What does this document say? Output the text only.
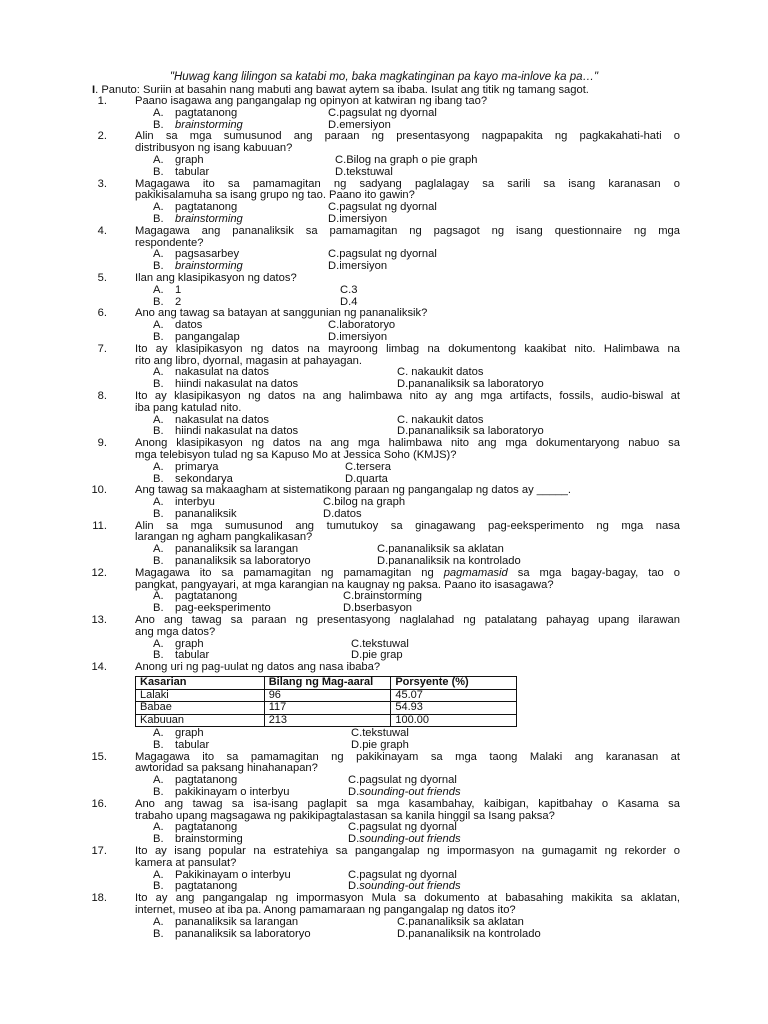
"Huwag kang lilingon sa katabi mo, baka magkatinginan pa kayo ma-inlove ka pa…"
I. Panuto: Suriin at basahin nang mabuti ang bawat aytem sa ibaba. Isulat ang titik ng tamang sagot.
1.	Paano isagawa ang pangangalap ng opinyon at katwiran ng ibang tao?
A. pagtatanong	C.pagsulat ng dyornal
B. brainstorming	D.emersiyon
2.	Alin sa mga sumusunod ang paraan ng presentasyong nagpapakita ng pagkakahati-hati o
distribusyon ng isang kabuuan?
A. graph	C.Bilog na graph o pie graph
B. tabular	D.tekstuwal
3.	Magagawa ito sa pamamagitan ng sadyang paglalagay sa sarili sa isang karanasan o
pakikisalamuha sa isang grupo ng tao. Paano ito gawin?
A. pagtatanong	C.pagsulat ng dyornal
B. brainstorming	D.imersiyon
4.	Magagawa ang pananaliksik sa pamamagitan ng pagsagot ng isang questionnaire ng mga
respondente?
A. pagsasarbey	C.pagsulat ng dyornal
B. brainstorming	D.imersiyon
5.	Ilan ang klasipikasyon ng datos?
A. 1	C.3
B. 2	D.4
6.	Ano ang tawag sa batayan at sanggunian ng pananaliksik?
A. datos	C.laboratoryo
B. pangangalap	D.imersiyon
7.	Ito ay klasipikasyon ng datos na mayroong limbag na dokumentong kaakibat nito. Halimbawa na
rito ang libro, dyornal, magasin at pahayagan.
A. nakasulat na datos	C. nakaukit datos
B. hiindi nakasulat na datos	D.pananaliksik sa laboratoryo
8.	Ito ay klasipikasyon ng datos na ang halimbawa nito ay ang mga artifacts, fossils, audio-biswal at
iba pang katulad nito.
A. nakasulat na datos	C. nakaukit datos
B. hiindi nakasulat na datos	D.pananaliksik sa laboratoryo
9.	Anong klasipikasyon ng datos na ang mga halimbawa nito ang mga dokumentaryong nabuo sa
mga telebisyon tulad ng sa Kapuso Mo at Jessica Soho (KMJS)?
A. primarya	C.tersera
B. sekondarya	D.quarta
10.	Ang tawag sa makaagham at sistematikong paraan ng pangangalap ng datos ay _____.
A. interbyu	C.bilog na graph
B. pananaliksik	D.datos
11.	Alin sa mga sumusunod ang tumutukoy sa ginagawang pag-eeksperimento ng mga nasa
larangan ng agham pangkalikasan?
A. pananaliksik sa larangan	C.pananaliksik sa aklatan
B. pananaliksik sa laboratoryo	D.pananaliksik na kontrolado
12.	Magagawa ito sa pamamagitan ng pamamagitan ng pagmamasid sa mga bagay-bagay, tao o
pangkat, pangyayari, at mga karangian na kaugnay ng paksa. Paano ito isasagawa?
A. pagtatanong	C.brainstorming
B. pag-eeksperimento	D.bserbasyon
13.	Ano ang tawag sa paraan ng presentasyong naglalahad ng patalatang pahayag upang ilarawan
ang mga datos?
A. graph	C.tekstuwal
B. tabular	D.pie grap
14.	Anong uri ng pag-uulat ng datos ang nasa ibaba?
Kasarian	Bilang ng Mag-aaral	Porsyente (%)
Lalaki	96	45.07
Babae	117	54.93
Kabuuan	213	100.00
A. graph	C.tekstuwal
B. tabular	D.pie graph
15.	Magagawa ito sa pamamagitan ng pakikinayam sa mga taong Malaki ang karanasan at
awtoridad sa paksang hinahanapan?
A. pagtatanong	C.pagsulat ng dyornal
B. pakikinayam o interbyu	D.sounding-out friends
16.	Ano ang tawag sa isa-isang paglapit sa mga kasambahay, kaibigan, kapitbahay o Kasama sa
trabaho upang magsagawa ng pakikipagtalastasan sa kanila hinggil sa Isang paksa?
A. pagtatanong	C.pagsulat ng dyornal
B. brainstorming	D.sounding-out friends
17.	Ito ay isang popular na estratehiya sa pangangalap ng impormasyon na gumagamit ng rekorder o
kamera at pansulat?
A. Pakikinayam o interbyu	C.pagsulat ng dyornal
B. pagtatanong	D.sounding-out friends
18.	Ito ay ang pangangalap ng impormasyon Mula sa dokumento at babasahing makikita sa aklatan,
internet, museo at iba pa. Anong pamamaraan ng pangangalap ng datos ito?
A. pananaliksik sa larangan	C.pananaliksik sa aklatan
B. pananaliksik sa laboratoryo	D.pananaliksik na kontrolado
